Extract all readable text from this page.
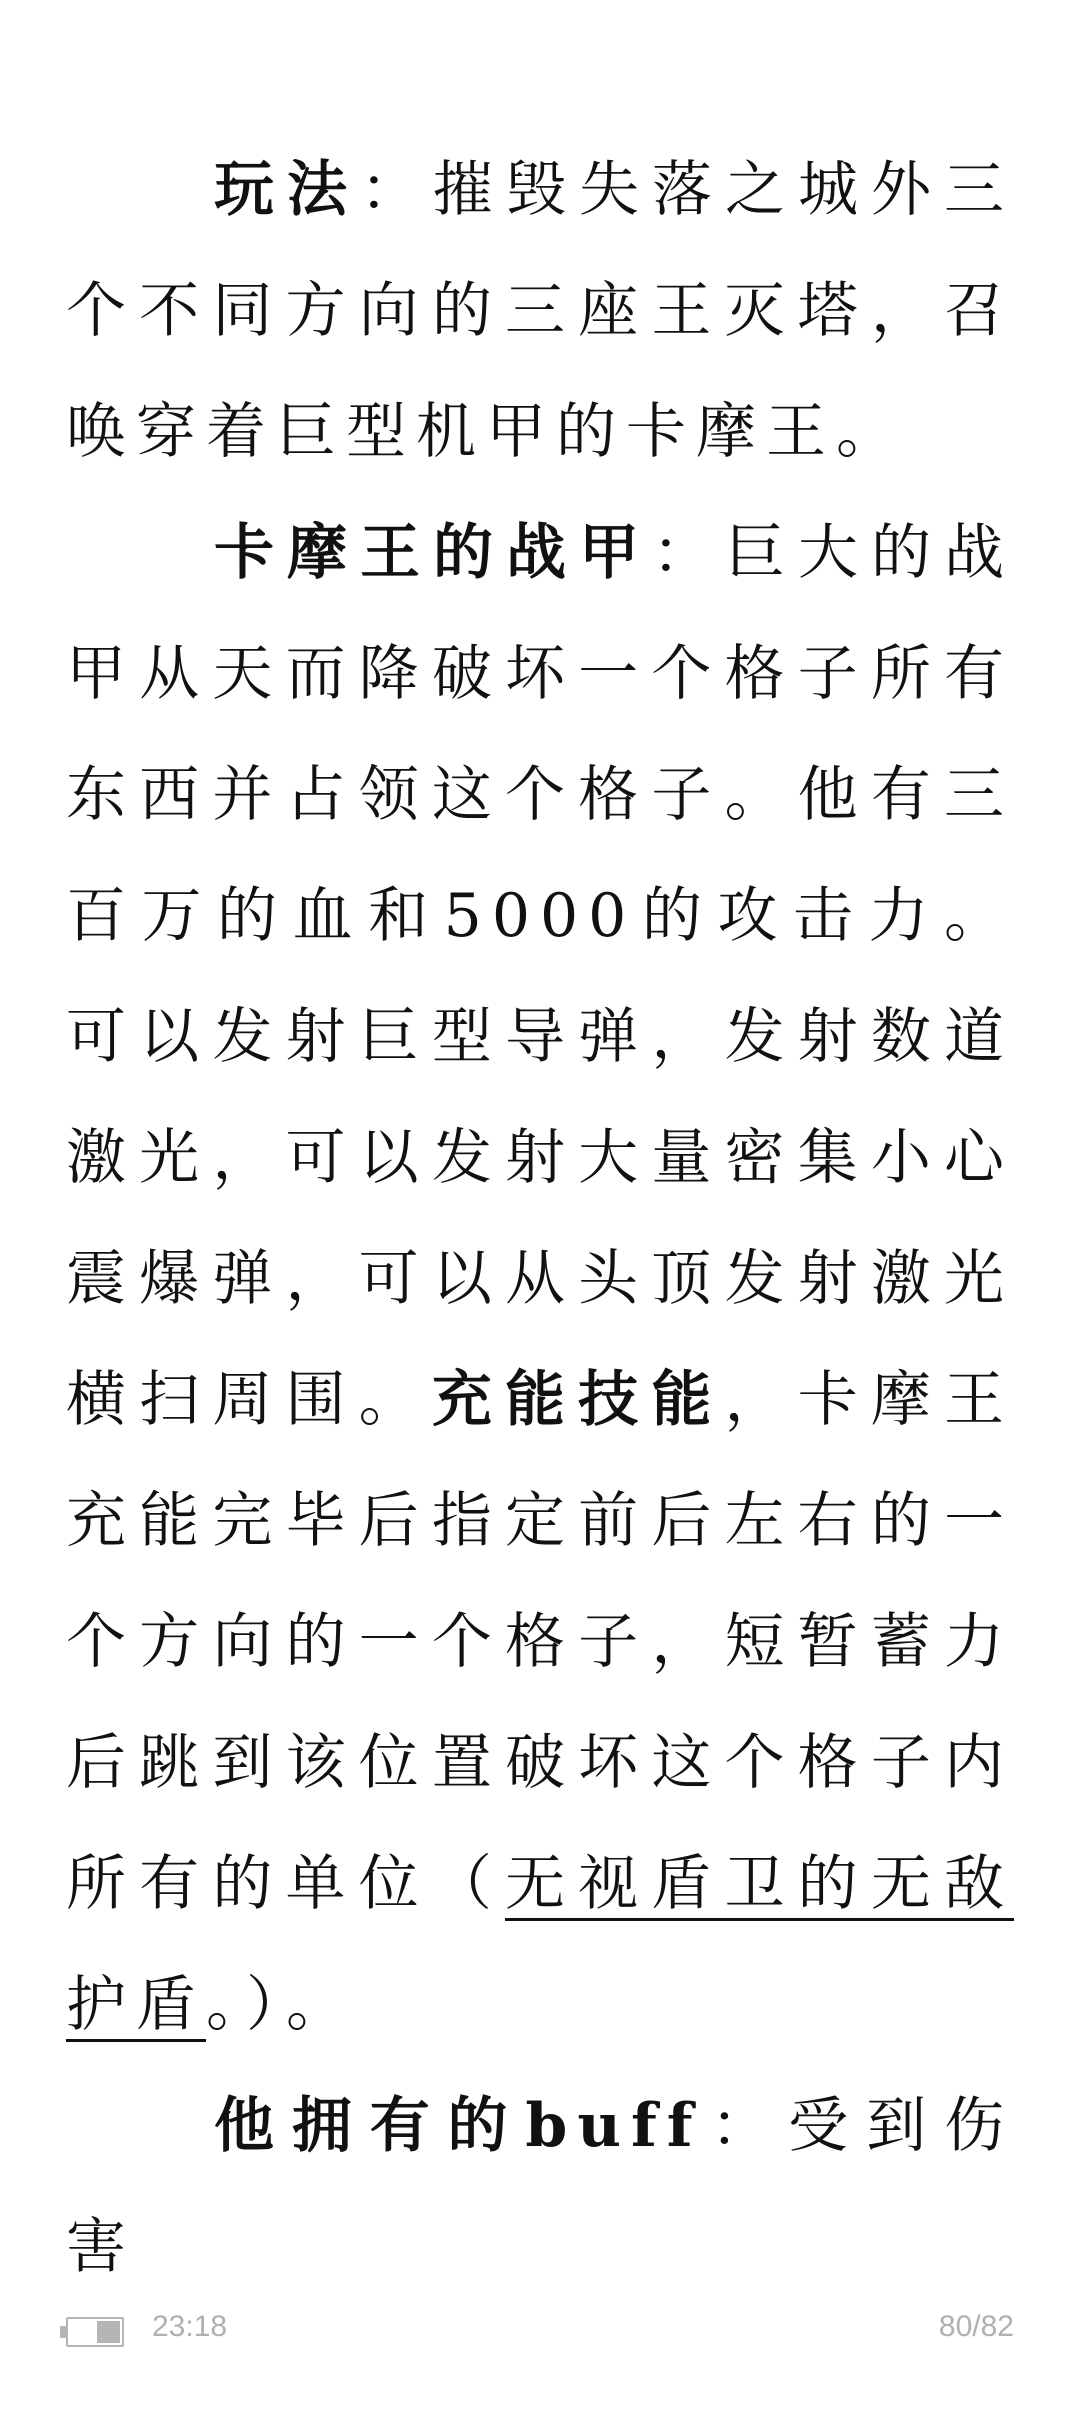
玩法：摧毁失落之城外三个不同方向的三座王灭塔，召唤穿着巨型机甲的卡摩王。

卡摩王的战甲：巨大的战甲从天而降破坏一个格子所有东西并占领这个格子。他有三百万的血和5000的攻击力。可以发射巨型导弹，发射数道激光，可以发射大量密集小心震爆弹，可以从头顶发射激光横扫周围。充能技能，卡摩王充能完毕后指定前后左右的一个方向的一个格子，短暂蓄力后跳到该位置破坏这个格子内所有的单位（无视盾卫的无敌护盾。）。

他拥有的buff：受到伤害

23:18	80/82
